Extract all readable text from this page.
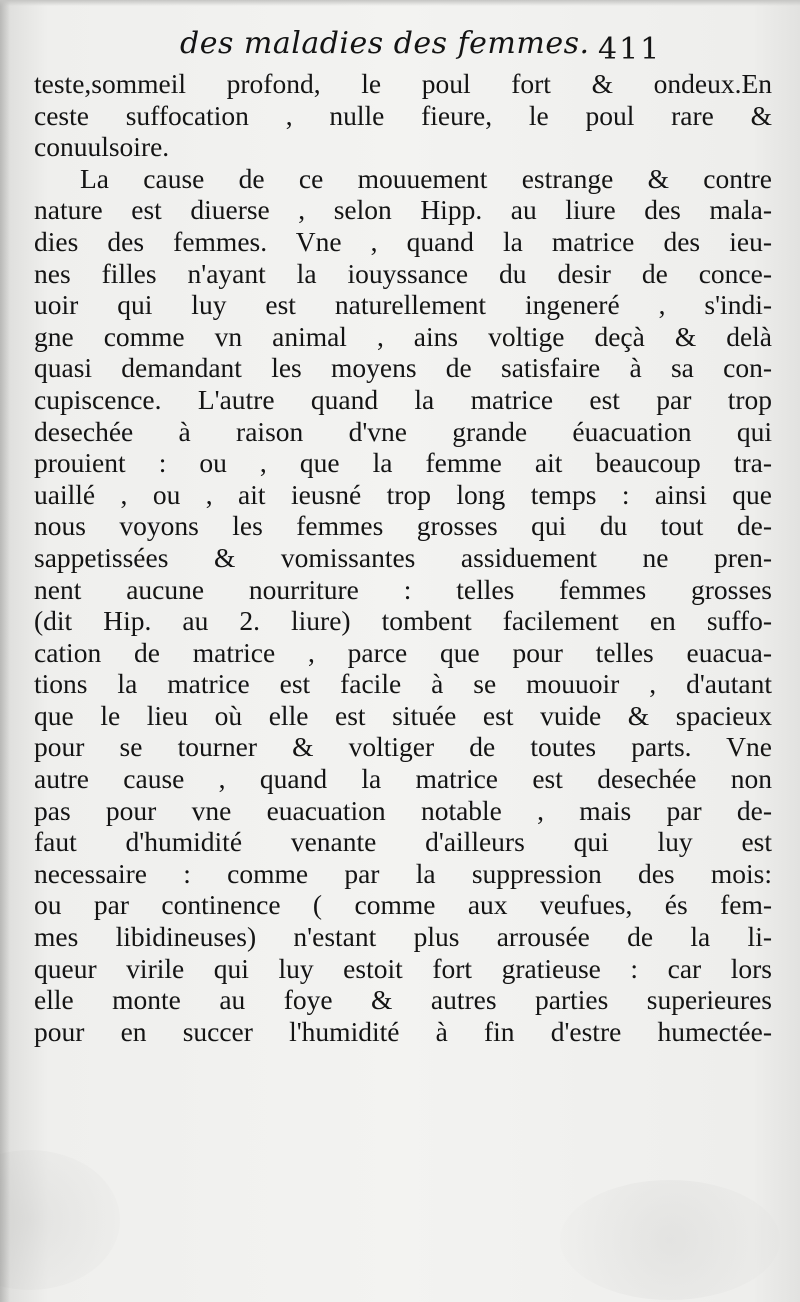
des maladies des femmes. 411
teste,sommeil profond, le poul fort & ondeux.En
ceste suffocation , nulle fieure, le poul rare &
conuulsoire.
La cause de ce mouuement estrange & contre
nature est diuerse , selon Hipp. au liure des mala-
dies des femmes. Vne , quand la matrice des ieu-
nes filles n'ayant la iouyssance du desir de conce-
uoir qui luy est naturellement ingeneré , s'indi-
gne comme vn animal , ains voltige deçà & delà
quasi demandant les moyens de satisfaire à sa con-
cupiscence. L'autre quand la matrice est par trop
desechée à raison d'vne grande éuacuation qui
prouient : ou , que la femme ait beaucoup tra-
uaillé , ou , ait ieusné trop long temps : ainsi que
nous voyons les femmes grosses qui du tout de-
sappetissées & vomissantes assiduement ne pren-
nent aucune nourriture : telles femmes grosses
(dit Hip. au 2. liure) tombent facilement en suffo-
cation de matrice , parce que pour telles euacua-
tions la matrice est facile à se mouuoir , d'autant
que le lieu où elle est située est vuide & spacieux
pour se tourner & voltiger de toutes parts. Vne
autre cause , quand la matrice est desechée non
pas pour vne euacuation notable , mais par de-
faut d'humidité venante d'ailleurs qui luy est
necessaire : comme par la suppression des mois:
ou par continence ( comme aux veufues, és fem-
mes libidineuses) n'estant plus arrousée de la li-
queur virile qui luy estoit fort gratieuse : car lors
elle monte au foye & autres parties superieures
pour en succer l'humidité à fin d'estre humectée-
